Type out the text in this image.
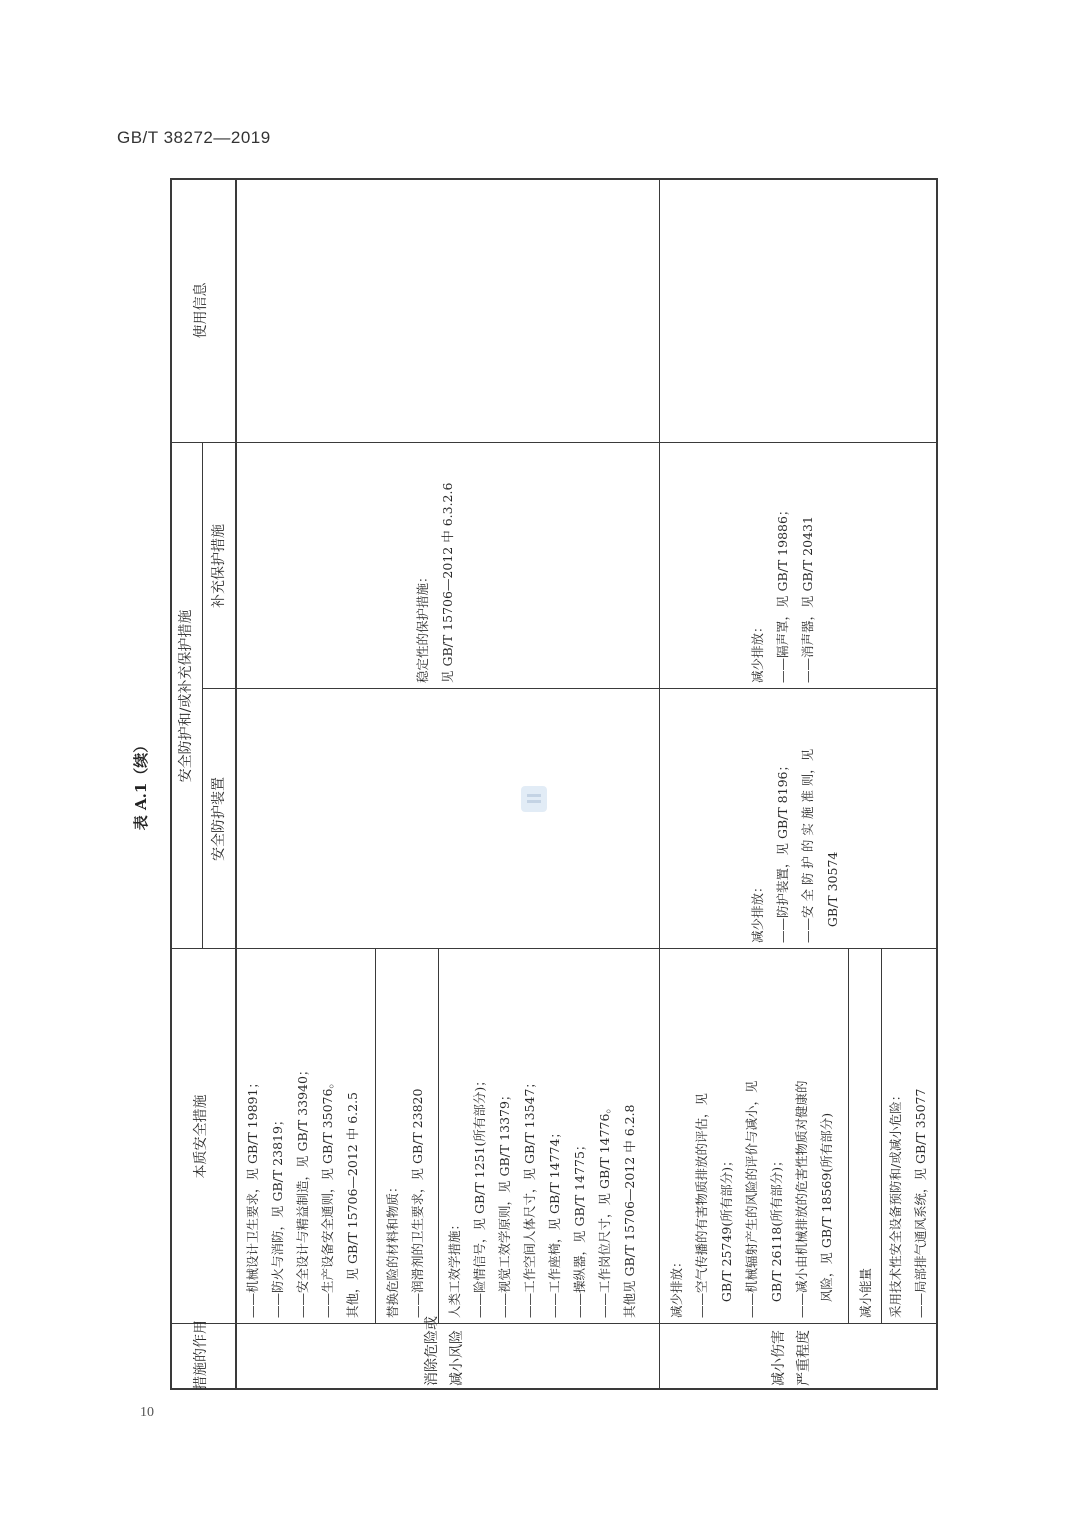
GB/T 38272—2019
表 A.1（续）
措施的作用
本质安全措施
安全防护和/或补充保护措施
安全防护装置
补充保护措施
使用信息
消除危险或
减小风险
——机械设计卫生要求，见 GB/T 19891；
——防火与消防，见 GB/T 23819；
——安全设计与精益制造，见 GB/T 33940；
——生产设备安全通则，见 GB/T 35076。
其他，见 GB/T 15706—2012 中 6.2.5
替换危险的材料和物质：
——润滑剂的卫生要求，见 GB/T 23820
人类工效学措施：
——险情信号，见 GB/T 1251(所有部分)；
——视觉工效学原则，见 GB/T 13379；
——工作空间人体尺寸，见 GB/T 13547；
——工作座椅，见 GB/T 14774；
——操纵器，见 GB/T 14775；
——工作岗位尺寸，见 GB/T 14776。
其他见 GB/T 15706—2012 中 6.2.8
稳定性的保护措施：
见 GB/T 15706—2012 中 6.3.2.6
减小伤害
严重程度
减少排放：
——空气传播的有害物质排放的评估，见
GB/T 25749(所有部分)；
——机械辐射产生的风险的评价与减小，见
GB/T 26118(所有部分)；
——减小由机械排放的危害性物质对健康的
风险，见 GB/T 18569(所有部分)
减小能量	采用技术性安全设备预防和/或减小危险：
——局部排气通风系统，见 GB/T 35077
减少排放：
——防护装置，见 GB/T 8196；
——安 全 防 护 的 实 施 准 则，见
GB/T 30574
减少排放：
——隔声罩，见 GB/T 19886；
——消声器，见 GB/T 20431
10
